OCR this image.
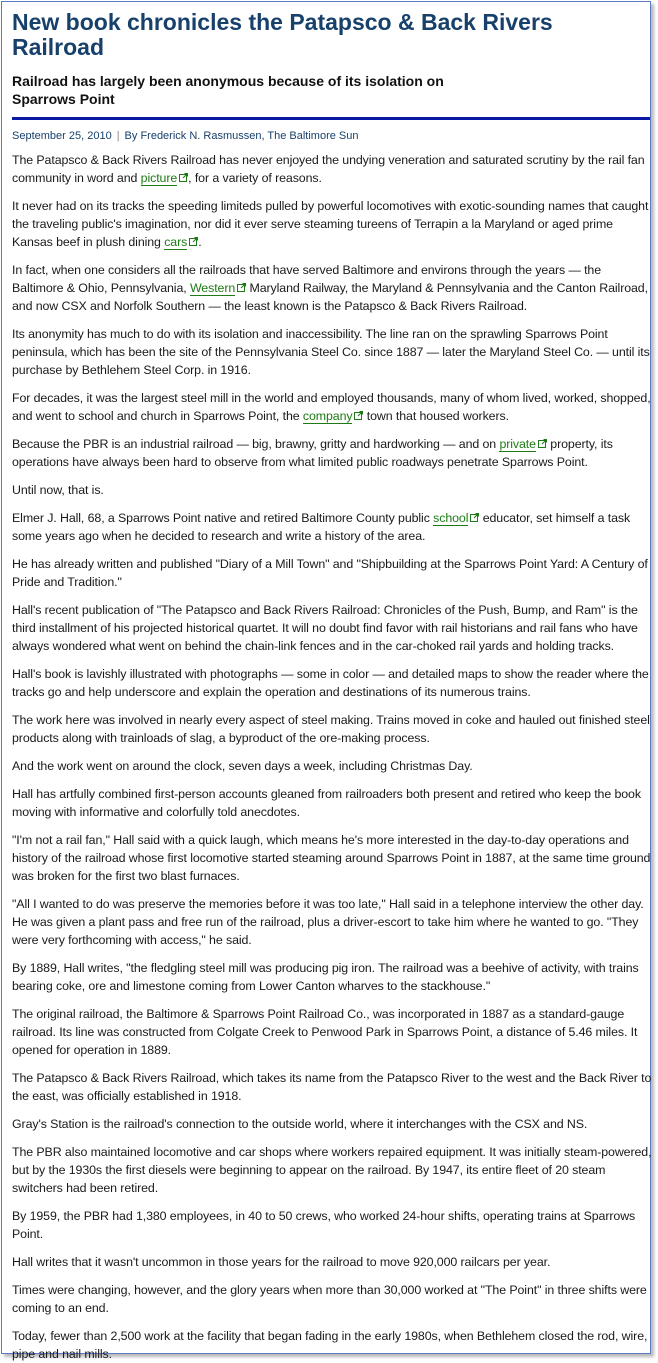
New book chronicles the Patapsco & Back Rivers Railroad
Railroad has largely been anonymous because of its isolation on Sparrows Point
September 25, 2010 | By Frederick N. Rasmussen, The Baltimore Sun

The Patapsco & Back Rivers Railroad has never enjoyed the undying veneration and saturated scrutiny by the rail fan community in word and picture , for a variety of reasons.

It never had on its tracks the speeding limiteds pulled by powerful locomotives with exotic-sounding names that caught the traveling public's imagination, nor did it ever serve steaming tureens of Terrapin a la Maryland or aged prime Kansas beef in plush dining cars .

In fact, when one considers all the railroads that have served Baltimore and environs through the years — the Baltimore & Ohio, Pennsylvania, Western
Maryland Railway, the Maryland & Pennsylvania and the Canton Railroad, and now CSX and Norfolk Southern — the least known is the Patapsco & Back Rivers Railroad.

Its anonymity has much to do with its isolation and inaccessibility. The line ran on the sprawling Sparrows Point peninsula, which has been the site of the Pennsylvania Steel Co. since 1887 — later the Maryland Steel Co. — until its purchase by Bethlehem Steel Corp. in 1916.

For decades, it was the largest steel mill in the world and employed thousands, many of whom lived, worked, shopped, and went to school and church in Sparrows Point, the company
town that housed workers.

Because the PBR is an industrial railroad — big, brawny, gritty and hardworking — and on private
property, its operations have always been hard to observe from what limited public roadways penetrate Sparrows Point.

Until now, that is.

Elmer J. Hall, 68, a Sparrows Point native and retired Baltimore County public school
educator, set himself a task some years ago when he decided to research and write a history of the area.

He has already written and published "Diary of a Mill Town" and "Shipbuilding at the Sparrows Point Yard: A Century of Pride and Tradition."

Hall's recent publication of "The Patapsco and Back Rivers Railroad: Chronicles of the Push, Bump, and Ram" is the third installment of his projected historical quartet. It will no doubt find favor with rail historians and rail fans who have always wondered what went on behind the chain-link fences and in the car-choked rail yards and holding tracks.

Hall's book is lavishly illustrated with photographs — some in color — and detailed maps to show the reader where the tracks go and help underscore and explain the operation and destinations of its numerous trains.

The work here was involved in nearly every aspect of steel making. Trains moved in coke and hauled out finished steel products along with trainloads of slag, a byproduct of the ore-making process.

And the work went on around the clock, seven days a week, including Christmas Day.

Hall has artfully combined first-person accounts gleaned from railroaders both present and retired who keep the book moving with informative and colorfully told anecdotes.

"I'm not a rail fan," Hall said with a quick laugh, which means he's more interested in the day-to-day operations and history of the railroad whose first locomotive started steaming around Sparrows Point in 1887, at the same time ground was broken for the first two blast furnaces.

"All I wanted to do was preserve the memories before it was too late," Hall said in a telephone interview the other day. He was given a plant pass and free run of the railroad, plus a driver-escort to take him where he wanted to go. "They were very forthcoming with access," he said.

By 1889, Hall writes, "the fledgling steel mill was producing pig iron. The railroad was a beehive of activity, with trains bearing coke, ore and limestone coming from Lower Canton wharves to the stackhouse."

The original railroad, the Baltimore & Sparrows Point Railroad Co., was incorporated in 1887 as a standard-gauge railroad. Its line was constructed from Colgate Creek to Penwood Park in Sparrows Point, a distance of 5.46 miles. It opened for operation in 1889.

The Patapsco & Back Rivers Railroad, which takes its name from the Patapsco River to the west and the Back River to the east, was officially established in 1918.

Gray's Station is the railroad's connection to the outside world, where it interchanges with the CSX and NS.

The PBR also maintained locomotive and car shops where workers repaired equipment. It was initially steam-powered, but by the 1930s the first diesels were beginning to appear on the railroad. By 1947, its entire fleet of 20 steam switchers had been retired.

By 1959, the PBR had 1,380 employees, in 40 to 50 crews, who worked 24-hour shifts, operating trains at Sparrows Point.

Hall writes that it wasn't uncommon in those years for the railroad to move 920,000 railcars per year.

Times were changing, however, and the glory years when more than 30,000 worked at "The Point" in three shifts were coming to an end.

Today, fewer than 2,500 work at the facility that began fading in the early 1980s, when Bethlehem closed the rod, wire, pipe and nail mills.
